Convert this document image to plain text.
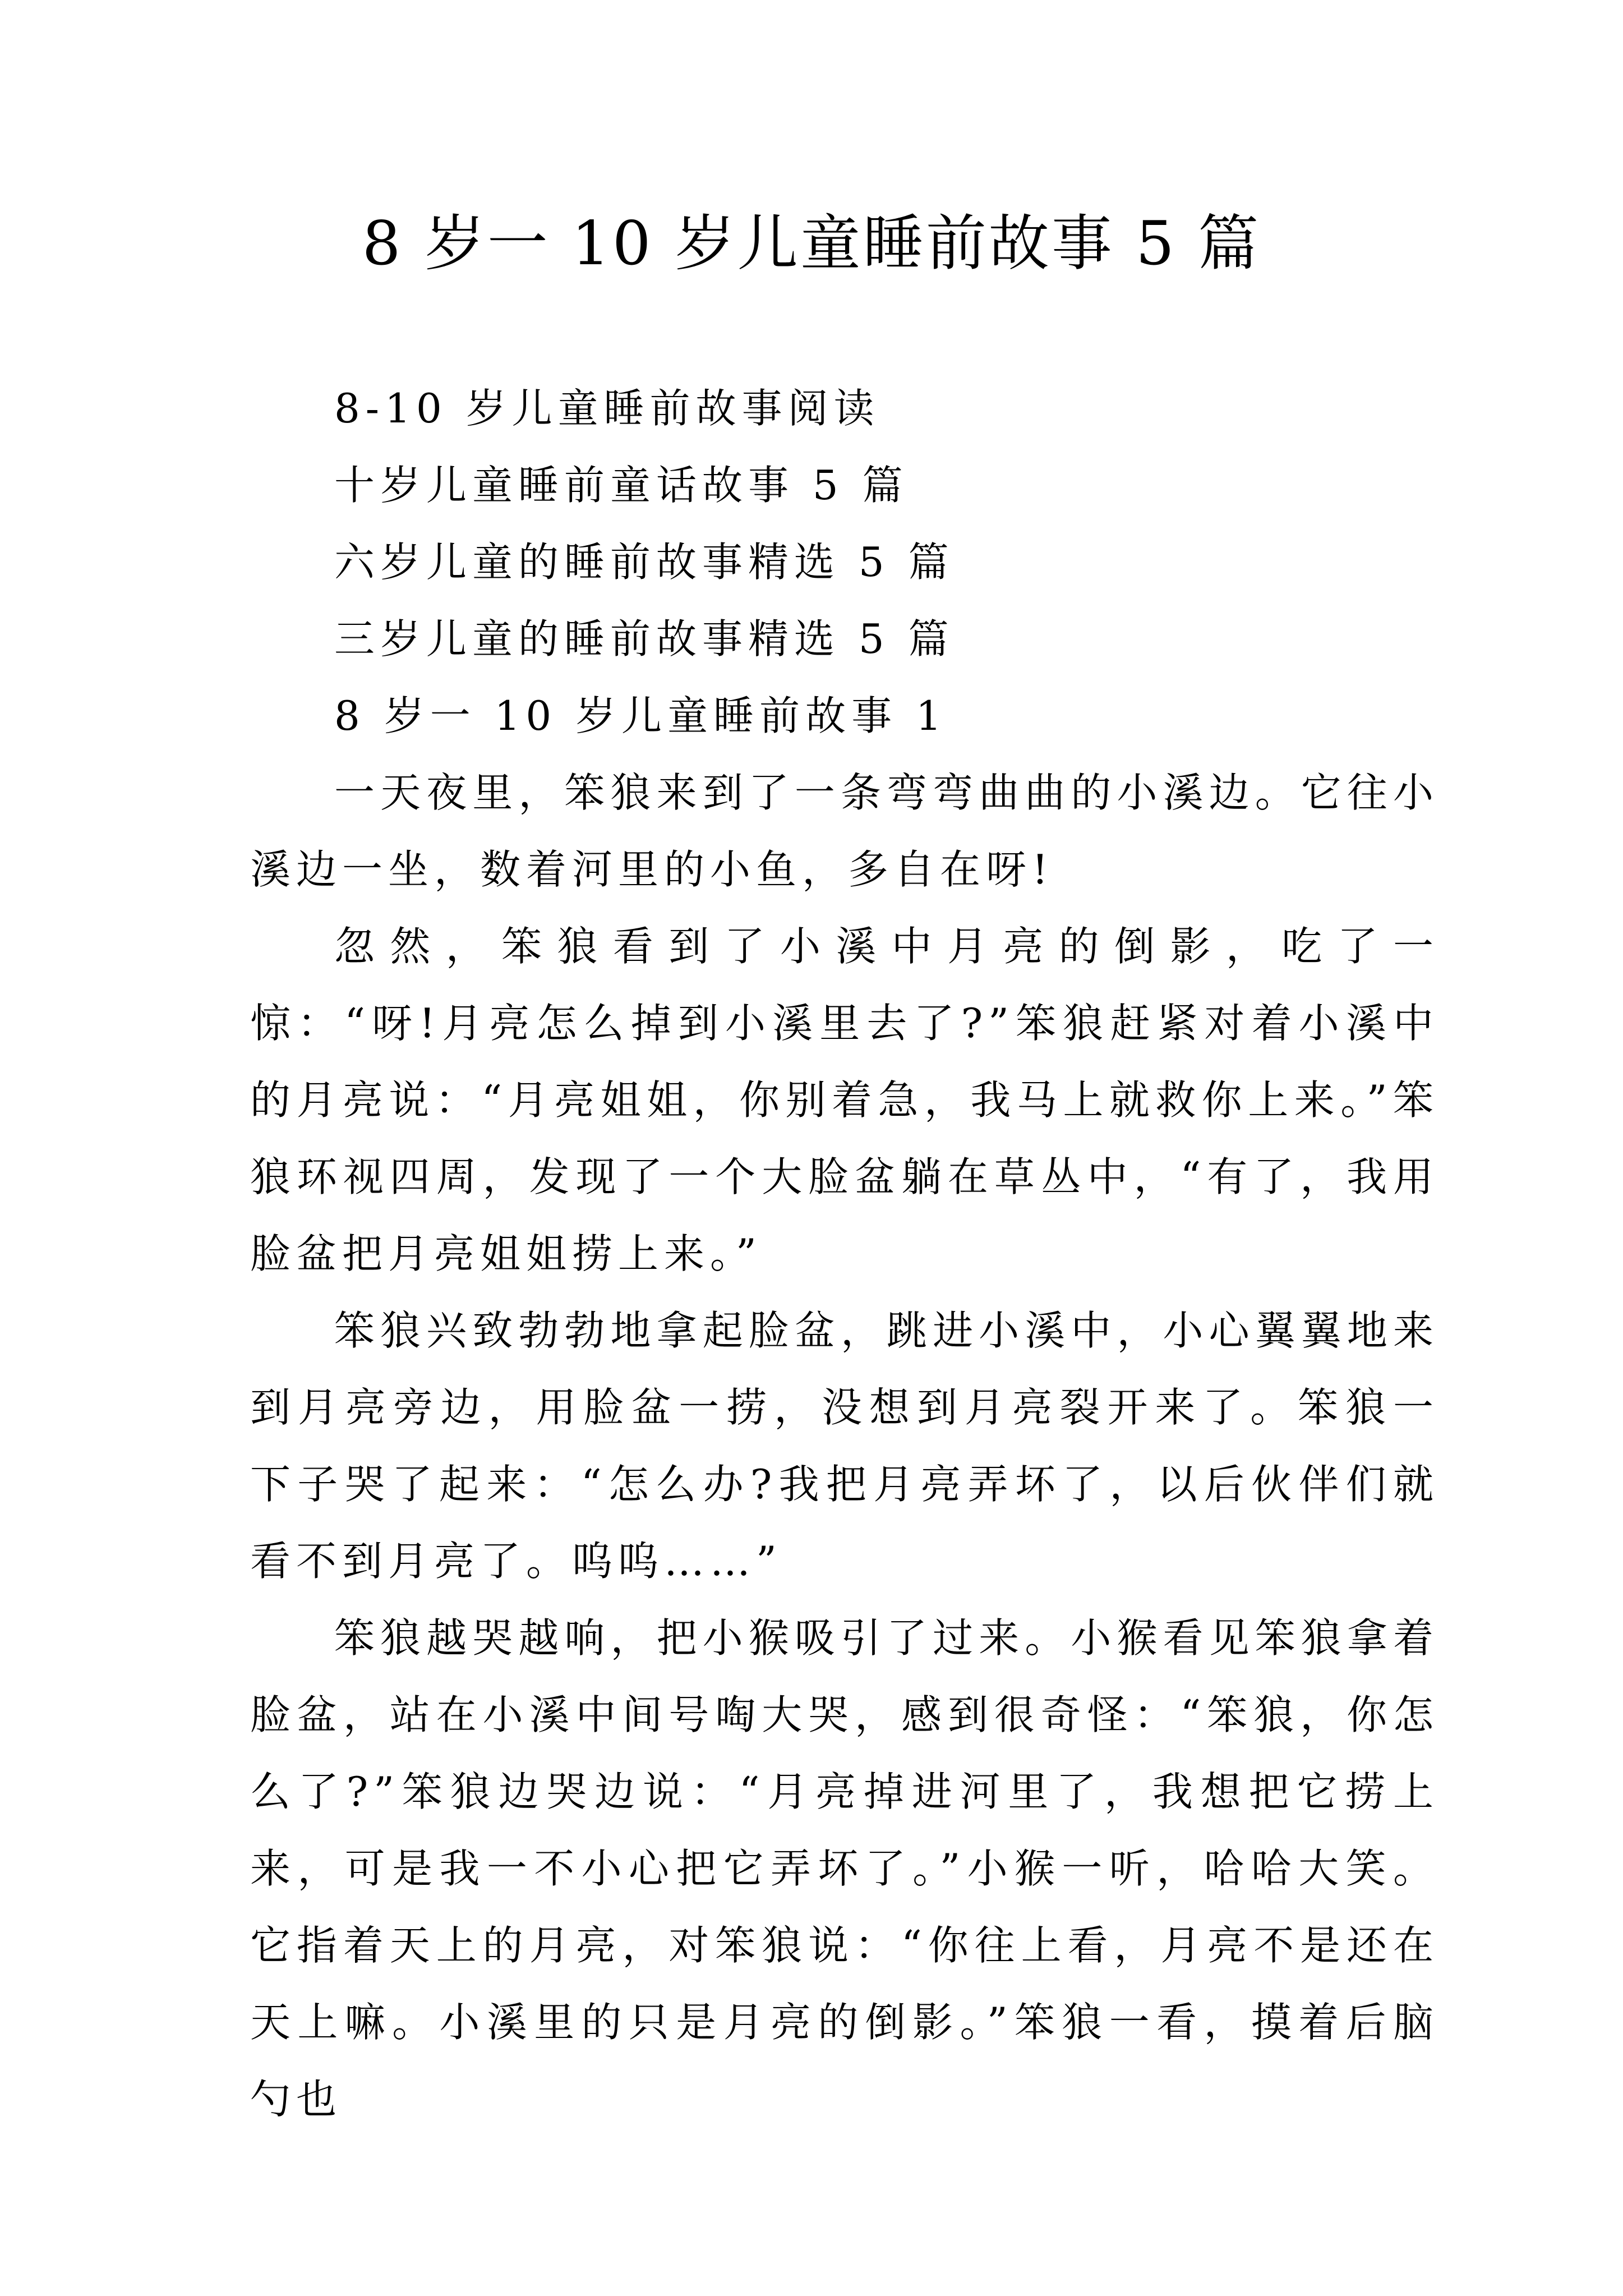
8 岁一 10 岁儿童睡前故事 5 篇

8-10 岁儿童睡前故事阅读

十岁儿童睡前童话故事 5 篇

六岁儿童的睡前故事精选 5 篇

三岁儿童的睡前故事精选 5 篇

8 岁一 10 岁儿童睡前故事 1

一天夜里，笨狼来到了一条弯弯曲曲的小溪边。它往小溪边一坐，数着河里的小鱼，多自在呀!

忽然，笨狼看到了小溪中月亮的倒影，吃了一惊：“呀!月亮怎么掉到小溪里去了?”笨狼赶紧对着小溪中的月亮说：“月亮姐姐，你别着急，我马上就救你上来。”笨狼环视四周，发现了一个大脸盆躺在草丛中，“有了，我用脸盆把月亮姐姐捞上来。”

笨狼兴致勃勃地拿起脸盆，跳进小溪中，小心翼翼地来到月亮旁边，用脸盆一捞，没想到月亮裂开来了。笨狼一下子哭了起来：“怎么办?我把月亮弄坏了，以后伙伴们就看不到月亮了。呜呜……”

笨狼越哭越响，把小猴吸引了过来。小猴看见笨狼拿着脸盆，站在小溪中间号啕大哭，感到很奇怪：“笨狼，你怎么了?”笨狼边哭边说：“月亮掉进河里了，我想把它捞上来，可是我一不小心把它弄坏了。”小猴一听，哈哈大笑。它指着天上的月亮，对笨狼说：“你往上看，月亮不是还在天上嘛。小溪里的只是月亮的倒影。”笨狼一看，摸着后脑勺也
